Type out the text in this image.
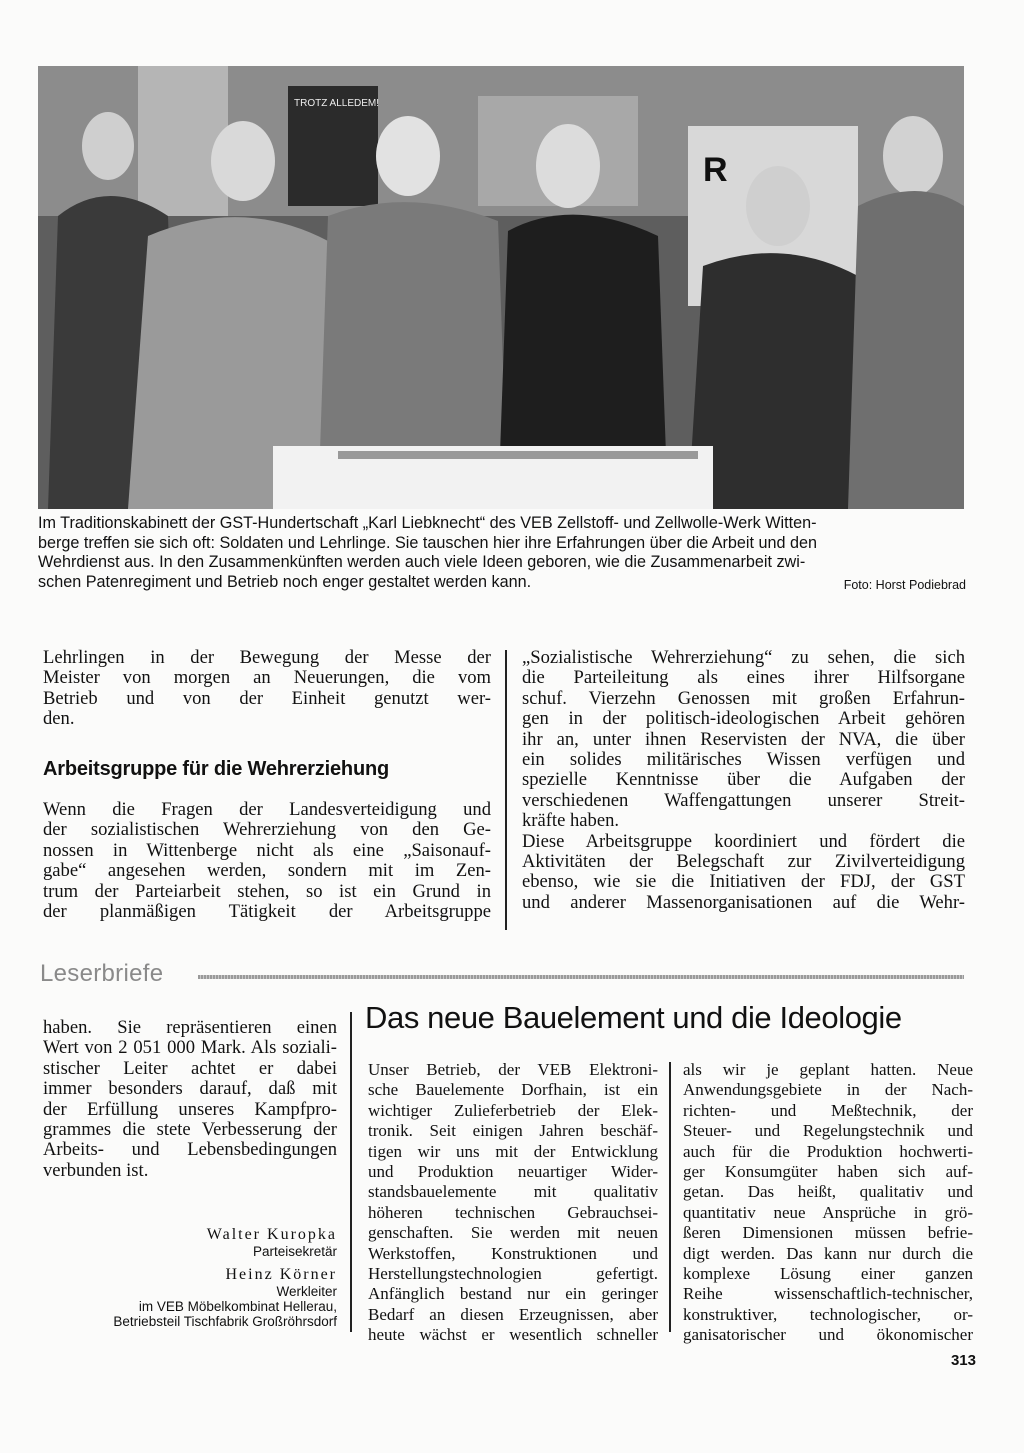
TROTZ ALLEDEM!
R
Im Traditionskabinett der GST-Hundertschaft „Karl Liebknecht“ des VEB Zellstoff- und Zellwolle-Werk Witten-
berge treffen sie sich oft: Soldaten und Lehrlinge. Sie tauschen hier ihre Erfahrungen über die Arbeit und den
Wehrdienst aus. In den Zusammenkünften werden auch viele Ideen geboren, wie die Zusammenarbeit zwi-
schen Patenregiment und Betrieb noch enger gestaltet werden kann.	Foto: Horst Podiebrad
Lehrlingen in der Bewegung der Messe der
Meister von morgen an Neuerungen, die vom
Betrieb und von der Einheit genutzt wer-
den.
Arbeitsgruppe für die Wehrerziehung
Wenn die Fragen der Landesverteidigung und
der sozialistischen Wehrerziehung von den Ge-
nossen in Wittenberge nicht als eine „Saisonauf-
gabe“ angesehen werden, sondern mit im Zen-
trum der Parteiarbeit stehen, so ist ein Grund in
der planmäßigen Tätigkeit der Arbeitsgruppe
„Sozialistische Wehrerziehung“ zu sehen, die sich
die Parteileitung als eines ihrer Hilfsorgane
schuf. Vierzehn Genossen mit großen Erfahrun-
gen in der politisch-ideologischen Arbeit gehören
ihr an, unter ihnen Reservisten der NVA, die über
ein solides militärisches Wissen verfügen und
spezielle Kenntnisse über die Aufgaben der
verschiedenen Waffengattungen unserer Streit-
kräfte haben.
Diese Arbeitsgruppe koordiniert und fördert die
Aktivitäten der Belegschaft zur Zivilverteidigung
ebenso, wie sie die Initiativen der FDJ, der GST
und anderer Massenorganisationen auf die Wehr-
Leserbriefe
haben. Sie repräsentieren einen
Wert von 2 051 000 Mark. Als soziali-
stischer Leiter achtet er dabei
immer besonders darauf, daß mit
der Erfüllung unseres Kampfpro-
grammes die stete Verbesserung der
Arbeits- und Lebensbedingungen
verbunden ist.
Walter Kuropka
Parteisekretär
Heinz Körner
Werkleiter
im VEB Möbelkombinat Hellerau,
Betriebsteil Tischfabrik Großröhrsdorf
Das neue Bauelement und die Ideologie
Unser Betrieb, der VEB Elektroni-
sche Bauelemente Dorfhain, ist ein
wichtiger Zulieferbetrieb der Elek-
tronik. Seit einigen Jahren beschäf-
tigen wir uns mit der Entwicklung
und Produktion neuartiger Wider-
standsbauelemente mit qualitativ
höheren technischen Gebrauchsei-
genschaften. Sie werden mit neuen
Werkstoffen, Konstruktionen und
Herstellungstechnologien gefertigt.
Anfänglich bestand nur ein geringer
Bedarf an diesen Erzeugnissen, aber
heute wächst er wesentlich schneller
als wir je geplant hatten. Neue
Anwendungsgebiete in der Nach-
richten- und Meßtechnik, der
Steuer- und Regelungstechnik und
auch für die Produktion hochwerti-
ger Konsumgüter haben sich auf-
getan. Das heißt, qualitativ und
quantitativ neue Ansprüche in grö-
ßeren Dimensionen müssen befrie-
digt werden. Das kann nur durch die
komplexe Lösung einer ganzen
Reihe wissenschaftlich-technischer,
konstruktiver, technologischer, or-
ganisatorischer und ökonomischer
313
